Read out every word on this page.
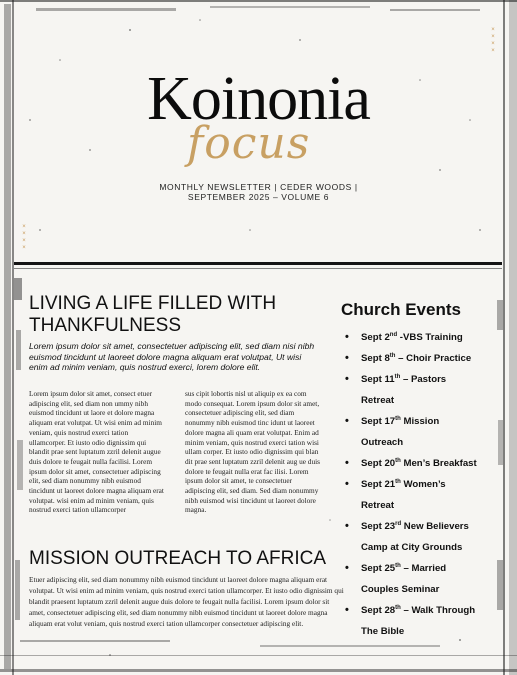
×
×
×
×
×
×
×
×
Koinonia
focus
MONTHLY NEWSLETTER | CEDER WOODS |
SEPTEMBER 2025 – VOLUME 6
LIVING A LIFE FILLED WITH
THANKFULNESS
Lorem ipsum dolor sit amet, consectetuer adipiscing elit, sed diam nisi nibh euismod tincidunt ut laoreet dolore magna aliquam erat volutpat, Ut wisi enim ad minim veniam, quis nostrud exerci, lorem dolore elit.
Lorem ipsum dolor sit amet, consect etuer adipiscing elit, sed diam non ummy nibh euismod tincidunt ut laore et dolore magna aliquam erat volutpat. Ut wisi enim ad minim veniam, quis nostrud exerci tation ullamcorper. Et iusto odio dignissim qui blandit prae sent luptatum zzril delenit augue duis dolore te feugait nulla facilisi. Lorem ipsum dolor sit amet, consectetuer adipiscing elit, sed diam nonummy nibh euismod tincidunt ut laoreet dolore magna aliquam erat volutpat. wisi enim ad minim veniam, quis nostrud exerci tation ullamcorper
sus cipit lobortis nisl ut aliquip ex ea com modo consequat. Lorem ipsum dolor sit amet, consectetuer adipiscing elit, sed diam nonummy nibh euismod tinc idunt ut laoreet dolore magna ali quam erat volutpat. Enim ad minim veniam, quis nostrud exerci tation wisi ullam corper. Et iusto odio dignissim qui blan dit prae sent luptatum zzril delenit aug ue duis dolore te feugait nulla erat fac ilisi. Lorem ipsum dolor sit amet, te consectetuer adipiscing elit, sed diam. Sed diam nonummy nibh euismod wisi tincidunt ut laoreet dolore magna.
MISSION OUTREACH TO AFRICA
Etuer adipiscing elit, sed diam nonummy nibh euismod tincidunt ut laoreet dolore magna aliquam erat volutpat. Ut wisi enim ad minim veniam, quis nostrud exerci tation ullamcorper. Et iusto odio dignissim qui blandit praesent luptatum zzril delenit augue duis dolore te feugait nulla facilisi. Lorem ipsum dolor sit amet, consectetuer adipiscing elit, sed diam nonummy nibh euismod tincidunt ut laoreet dolore magna aliquam erat volut veniam, quis nostrud exerci tation ullamcorper consectetuer adipiscing elit.
Church Events
• Sept 2nd -VBS Training
• Sept 8th – Choir Practice
• Sept 11th – Pastors
Retreat
• Sept 17th Mission
Outreach
• Sept 20th Men’s Breakfast
• Sept 21th Women’s
Retreat
• Sept 23rd New Believers
Camp at City Grounds
• Sept 25th – Married
Couples Seminar
• Sept 28th – Walk Through
The Bible
